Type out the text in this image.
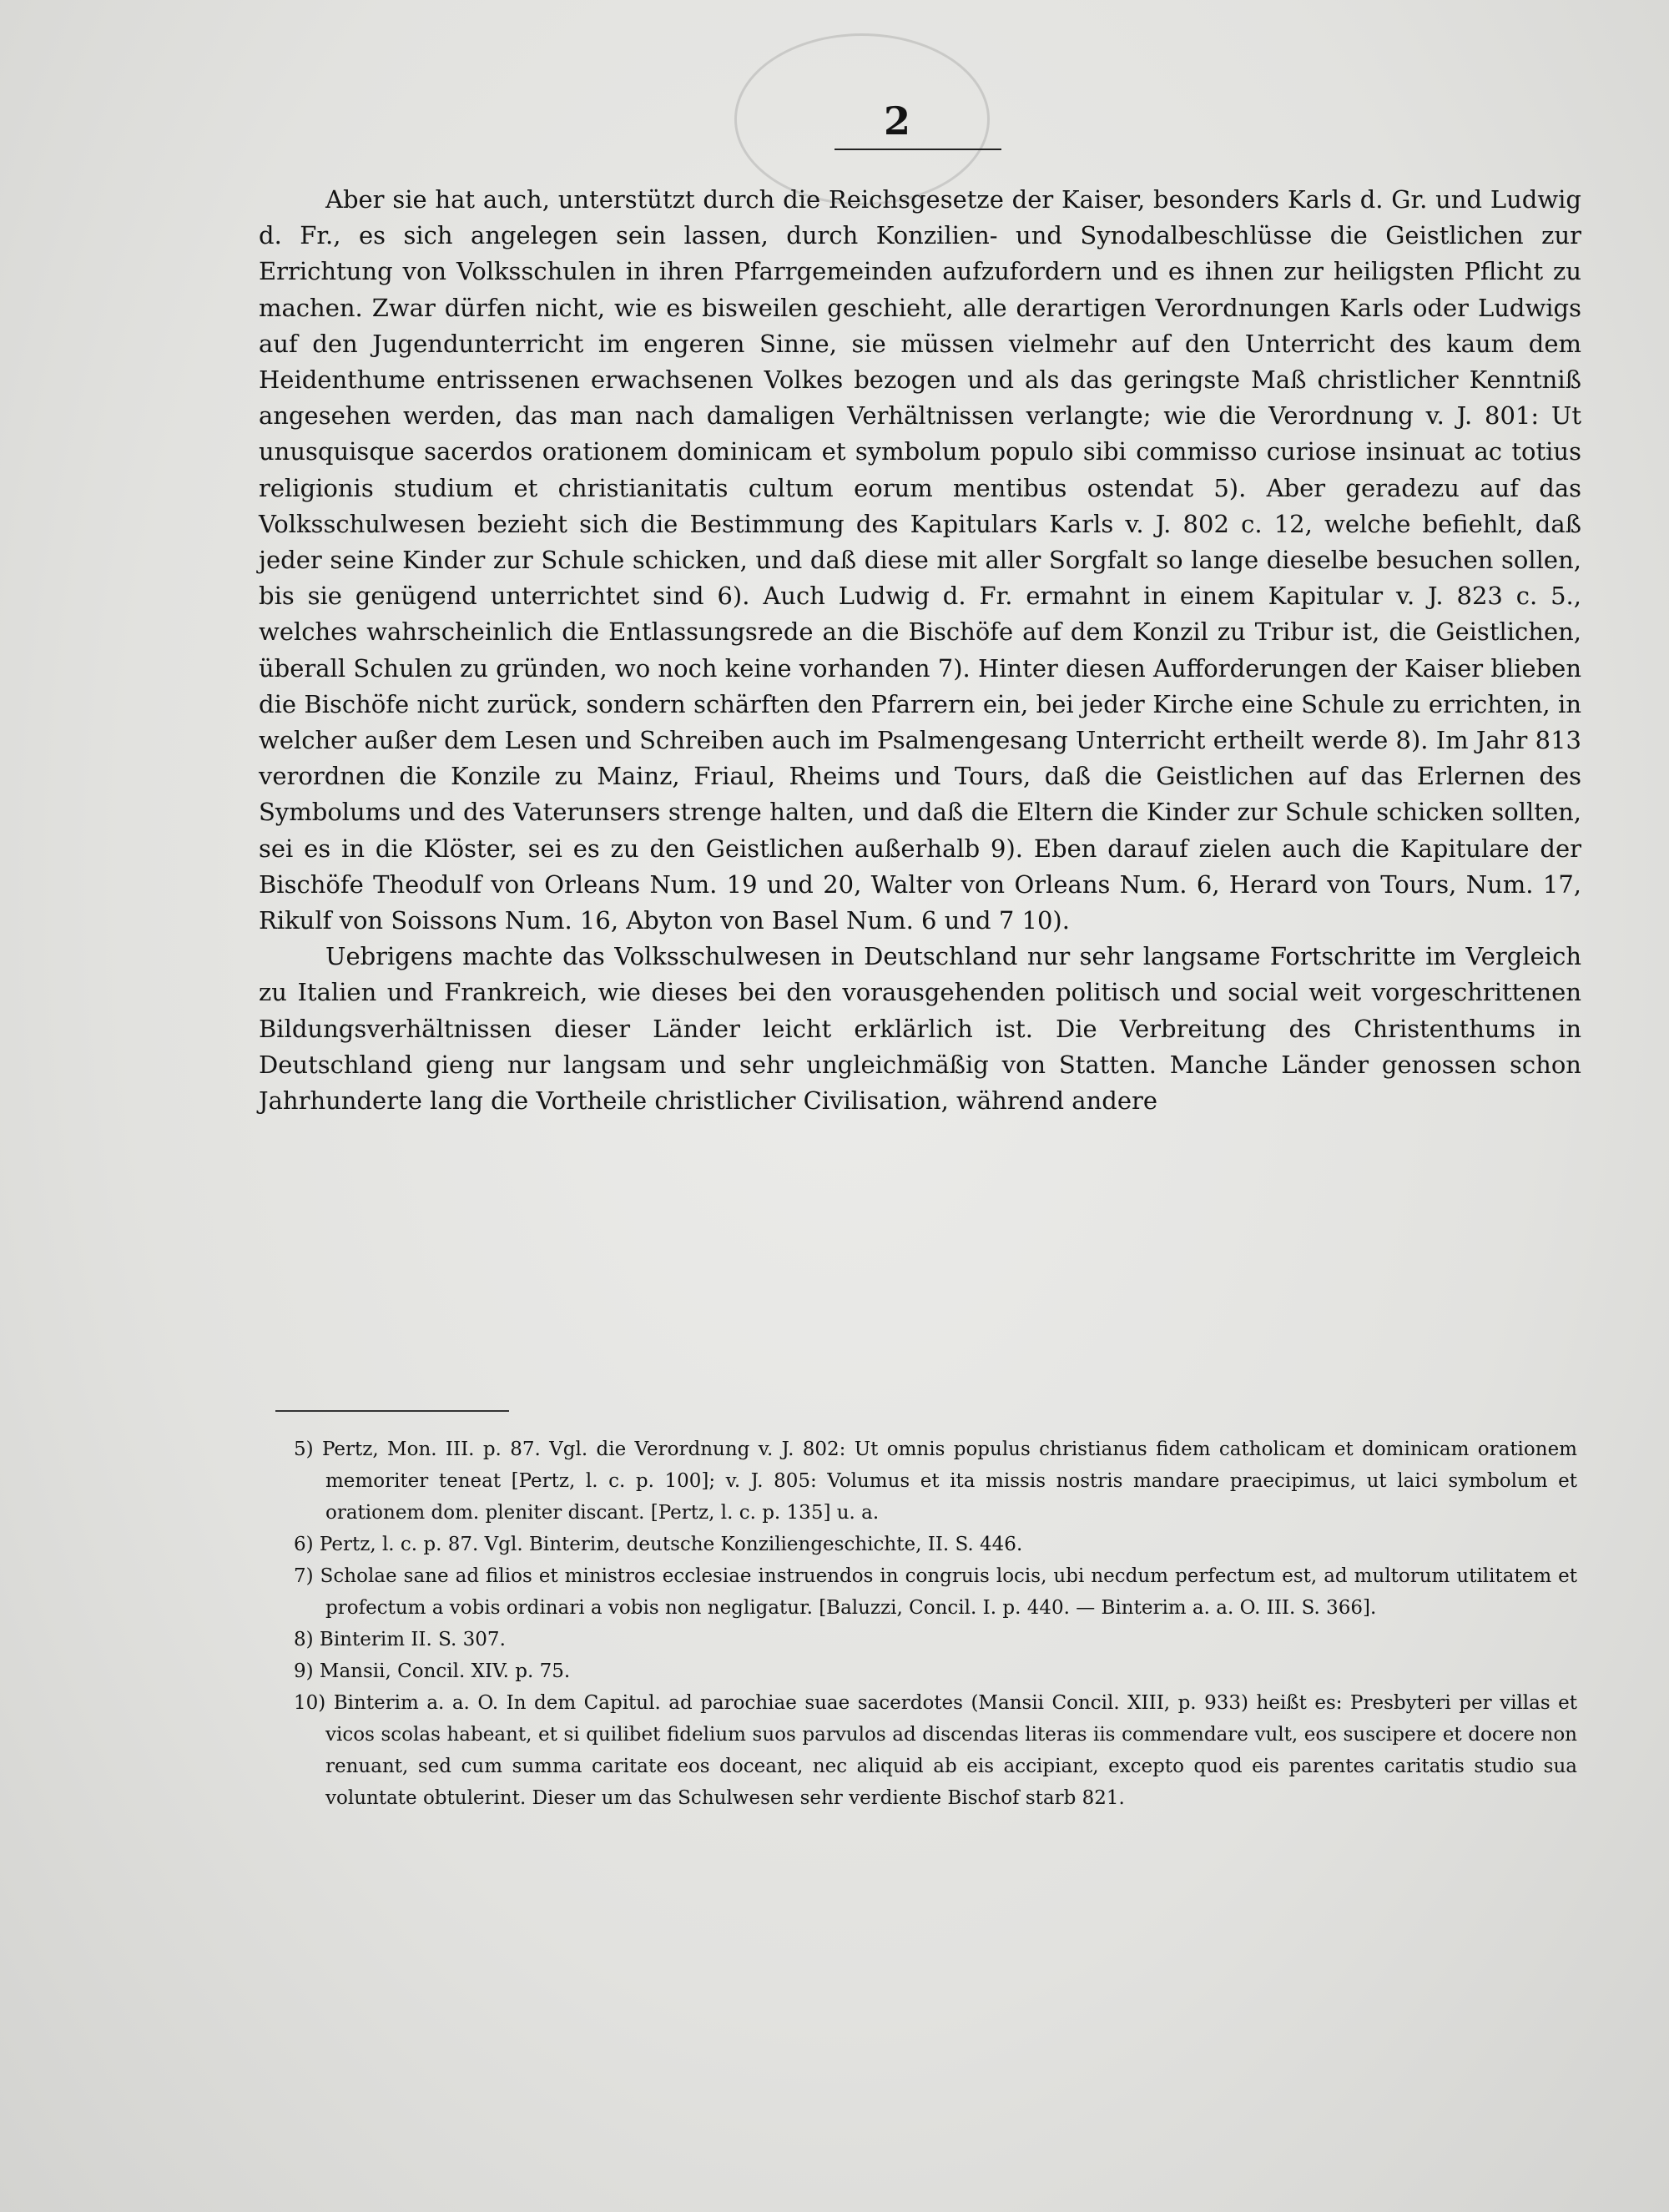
2

Aber sie hat auch, unterstützt durch die Reichsgesetze der Kaiser, besonders Karls d. Gr. und Ludwig d. Fr., es sich angelegen sein lassen, durch Konzilien- und Synodalbeschlüsse die Geistlichen zur Errichtung von Volksschulen in ihren Pfarrgemeinden aufzufordern und es ihnen zur heiligsten Pflicht zu machen. Zwar dürfen nicht, wie es bisweilen geschieht, alle derartigen Verordnungen Karls oder Ludwigs auf den Jugendunterricht im engeren Sinne, sie müssen vielmehr auf den Unterricht des kaum dem Heidenthume entrissenen erwachsenen Volkes bezogen und als das geringste Maß christlicher Kenntniß angesehen werden, das man nach damaligen Verhältnissen verlangte; wie die Verordnung v. J. 801: Ut unusquisque sacerdos orationem dominicam et symbolum populo sibi commisso curiose insinuat ac totius religionis studium et christianitatis cultum eorum mentibus ostendat 5). Aber geradezu auf das Volksschulwesen bezieht sich die Bestimmung des Kapitulars Karls v. J. 802 c. 12, welche befiehlt, daß jeder seine Kinder zur Schule schicken, und daß diese mit aller Sorgfalt so lange dieselbe besuchen sollen, bis sie genügend unterrichtet sind 6). Auch Ludwig d. Fr. ermahnt in einem Kapitular v. J. 823 c. 5., welches wahrscheinlich die Entlassungsrede an die Bischöfe auf dem Konzil zu Tribur ist, die Geistlichen, überall Schulen zu gründen, wo noch keine vorhanden 7). Hinter diesen Aufforderungen der Kaiser blieben die Bischöfe nicht zurück, sondern schärften den Pfarrern ein, bei jeder Kirche eine Schule zu errichten, in welcher außer dem Lesen und Schreiben auch im Psalmengesang Unterricht ertheilt werde 8). Im Jahr 813 verordnen die Konzile zu Mainz, Friaul, Rheims und Tours, daß die Geistlichen auf das Erlernen des Symbolums und des Vaterunsers strenge halten, und daß die Eltern die Kinder zur Schule schicken sollten, sei es in die Klöster, sei es zu den Geistlichen außerhalb 9). Eben darauf zielen auch die Kapitulare der Bischöfe Theodulf von Orleans Num. 19 und 20, Walter von Orleans Num. 6, Herard von Tours, Num. 17, Rikulf von Soissons Num. 16, Abyton von Basel Num. 6 und 7 10).

Uebrigens machte das Volksschulwesen in Deutschland nur sehr langsame Fortschritte im Vergleich zu Italien und Frankreich, wie dieses bei den vorausgehenden politisch und social weit vorgeschrittenen Bildungsverhältnissen dieser Länder leicht erklärlich ist. Die Verbreitung des Christenthums in Deutschland gieng nur langsam und sehr ungleichmäßig von Statten. Manche Länder genossen schon Jahrhunderte lang die Vortheile christlicher Civilisation, während andere

5) Pertz, Mon. III. p. 87. Vgl. die Verordnung v. J. 802: Ut omnis populus christianus fidem catholicam et dominicam orationem memoriter teneat [Pertz, l. c. p. 100]; v. J. 805: Volumus et ita missis nostris mandare praecipimus, ut laici symbolum et orationem dom. pleniter discant. [Pertz, l. c. p. 135] u. a.

6) Pertz, l. c. p. 87. Vgl. Binterim, deutsche Konziliengeschichte, II. S. 446.

7) Scholae sane ad filios et ministros ecclesiae instruendos in congruis locis, ubi necdum perfectum est, ad multorum utilitatem et profectum a vobis ordinari a vobis non negligatur. [Baluzzi, Concil. I. p. 440. — Binterim a. a. O. III. S. 366].

8) Binterim II. S. 307.

9) Mansii, Concil. XIV. p. 75.

10) Binterim a. a. O. In dem Capitul. ad parochiae suae sacerdotes (Mansii Concil. XIII, p. 933) heißt es: Presbyteri per villas et vicos scolas habeant, et si quilibet fidelium suos parvulos ad discendas literas iis commendare vult, eos suscipere et docere non renuant, sed cum summa caritate eos doceant, nec aliquid ab eis accipiant, excepto quod eis parentes caritatis studio sua voluntate obtulerint. Dieser um das Schulwesen sehr verdiente Bischof starb 821.
